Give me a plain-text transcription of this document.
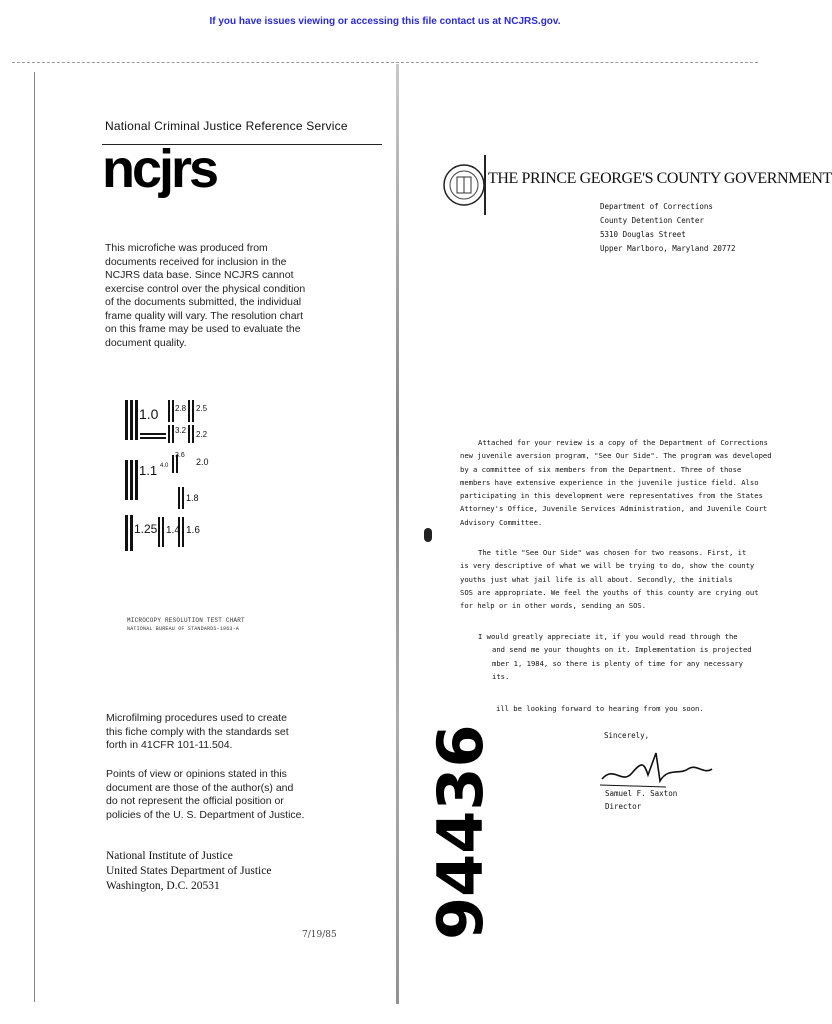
If you have issues viewing or accessing this file contact us at NCJRS.gov.
National Criminal Justice Reference Service
ncjrs
This microfiche was produced from documents received for inclusion in the NCJRS data base. Since NCJRS cannot exercise control over the physical condition of the documents submitted, the individual frame quality will vary. The resolution chart on this frame may be used to evaluate the document quality.
1.0 2.8 2.5
3.2 2.2
3.6
2.0
1.1 4.0
1.8
1.25 1.4 1.6
MICROCOPY RESOLUTION TEST CHART
NATIONAL BUREAU OF STANDARDS-1963-A
Microfilming procedures used to create this fiche comply with the standards set forth in 41CFR 101-11.504.
Points of view or opinions stated in this document are those of the author(s) and do not represent the official position or policies of the U. S. Department of Justice.
National Institute of Justice
United States Department of Justice
Washington, D.C. 20531
7/19/85
THE PRINCE GEORGE'S COUNTY GOVERNMENT
Department of Corrections
County Detention Center
5310 Douglas Street
Upper Marlboro, Maryland 20772
Attached for your review is a copy of the Department of Corrections
new juvenile aversion program, "See Our Side". The program was developed
by a committee of six members from the Department. Three of those
members have extensive experience in the juvenile justice field. Also
participating in this development were representatives from the States
Attorney's Office, Juvenile Services Administration, and Juvenile Court
Advisory Committee.
The title "See Our Side" was chosen for two reasons. First, it
is very descriptive of what we will be trying to do, show the county
youths just what jail life is all about. Secondly, the initials
SOS are appropriate. We feel the youths of this county are crying out
for help or in other words, sending an SOS.
I would greatly appreciate it, if you would read through the
and send me your thoughts on it. Implementation is projected
mber 1, 1984, so there is plenty of time for any necessary
its.
ill be looking forward to hearing from you soon.
Sincerely,
Samuel F. Saxton
Director
94436
